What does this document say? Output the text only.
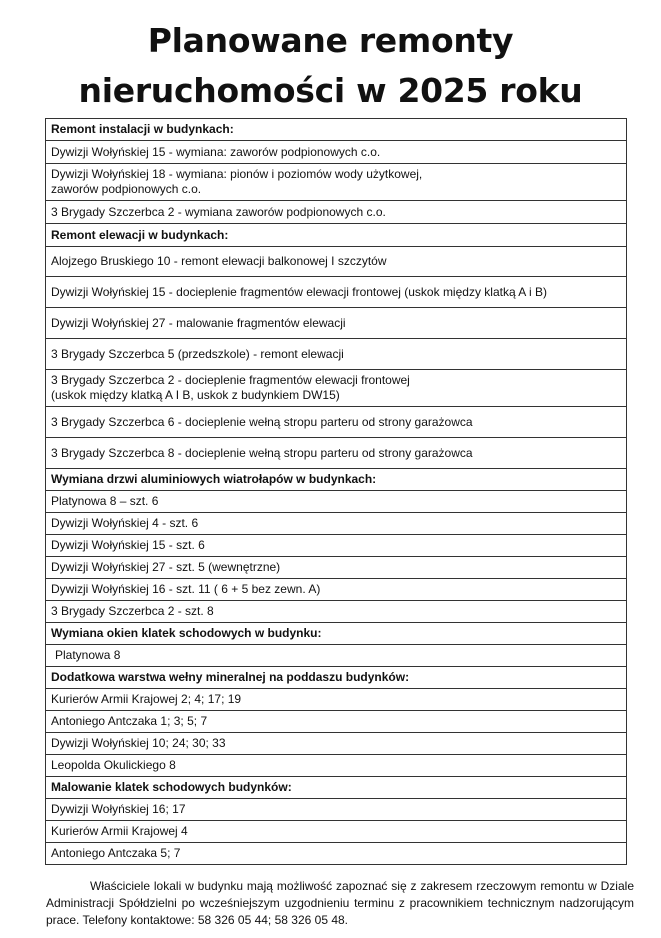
Planowane remonty
nieruchomości w 2025 roku
Remont instalacji w budynkach:
Dywizji Wołyńskiej 15 - wymiana: zaworów podpionowych c.o.
Dywizji Wołyńskiej 18 - wymiana: pionów i poziomów wody użytkowej,
zaworów podpionowych c.o.
3 Brygady Szczerbca 2 - wymiana zaworów podpionowych c.o.
Remont elewacji w budynkach:
Alojzego Bruskiego 10 - remont elewacji balkonowej I szczytów
Dywizji Wołyńskiej 15 - docieplenie fragmentów elewacji frontowej (uskok między klatką A i B)
Dywizji Wołyńskiej 27 - malowanie fragmentów elewacji
3 Brygady Szczerbca 5 (przedszkole) - remont elewacji
3 Brygady Szczerbca 2 - docieplenie fragmentów elewacji frontowej
(uskok między klatką A I B, uskok z budynkiem DW15)
3 Brygady Szczerbca 6 - docieplenie wełną stropu parteru od strony garażowca
3 Brygady Szczerbca 8 - docieplenie wełną stropu parteru od strony garażowca
Wymiana drzwi aluminiowych wiatrołapów w budynkach:
Platynowa 8 – szt. 6
Dywizji Wołyńskiej 4 - szt. 6
Dywizji Wołyńskiej 15 - szt. 6
Dywizji Wołyńskiej 27 - szt. 5 (wewnętrzne)
Dywizji Wołyńskiej 16 - szt. 11 ( 6 + 5 bez zewn. A)
3 Brygady Szczerbca 2 - szt. 8
Wymiana okien klatek schodowych w budynku:
Platynowa 8
Dodatkowa warstwa wełny mineralnej na poddaszu budynków:
Kurierów Armii Krajowej 2; 4; 17; 19
Antoniego Antczaka 1; 3; 5; 7
Dywizji Wołyńskiej 10; 24; 30; 33
Leopolda Okulickiego 8
Malowanie klatek schodowych budynków:
Dywizji Wołyńskiej 16; 17
Kurierów Armii Krajowej 4
Antoniego Antczaka 5; 7

Właściciele lokali w budynku mają możliwość zapoznać się z zakresem rzeczowym remontu w Dziale Administracji Spółdzielni po wcześniejszym uzgodnieniu terminu z pracownikiem technicznym nadzorującym prace. Telefony kontaktowe: 58 326 05 44; 58 326 05 48.
